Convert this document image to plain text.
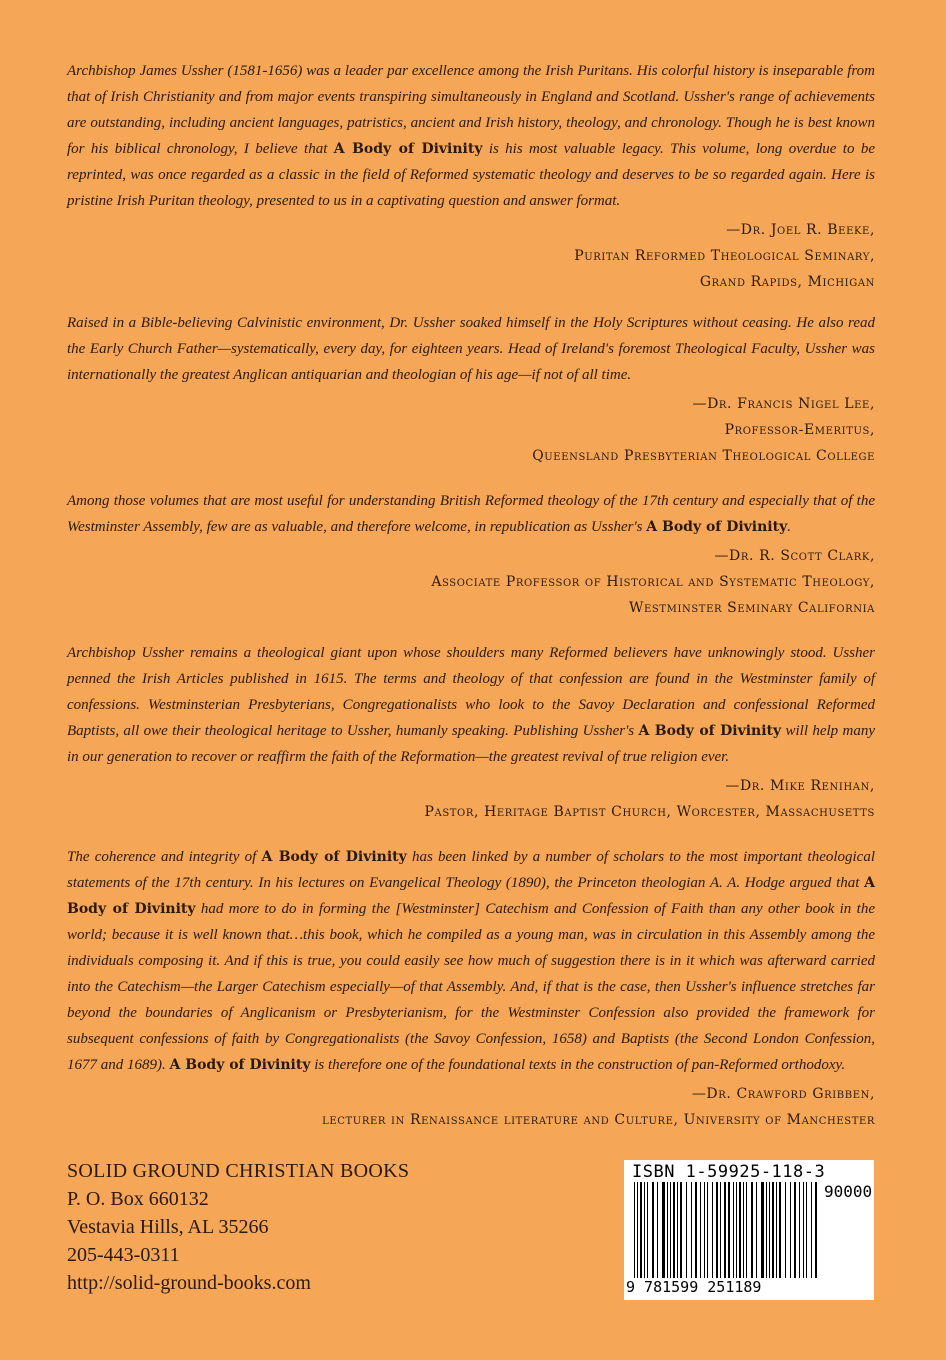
Archbishop James Ussher (1581-1656) was a leader par excellence among the Irish Puritans. His colorful history is inseparable from that of Irish Christianity and from major events transpiring simultaneously in England and Scotland. Ussher's range of achievements are outstanding, including ancient languages, patristics, ancient and Irish history, theology, and chronology. Though he is best known for his biblical chronology, I believe that A Body of Divinity is his most valuable legacy. This volume, long overdue to be reprinted, was once regarded as a classic in the field of Reformed systematic theology and deserves to be so regarded again. Here is pristine Irish Puritan theology, presented to us in a captivating question and answer format.

—Dr. Joel R. Beeke,
Puritan Reformed Theological Seminary,
Grand Rapids, Michigan

Raised in a Bible-believing Calvinistic environment, Dr. Ussher soaked himself in the Holy Scriptures without ceasing. He also read the Early Church Father—systematically, every day, for eighteen years. Head of Ireland's foremost Theological Faculty, Ussher was internationally the greatest Anglican antiquarian and theologian of his age—if not of all time.

—Dr. Francis Nigel Lee,
Professor-Emeritus,
Queensland Presbyterian Theological College

Among those volumes that are most useful for understanding British Reformed theology of the 17th century and especially that of the Westminster Assembly, few are as valuable, and therefore welcome, in republication as Ussher's A Body of Divinity.

—Dr. R. Scott Clark,
Associate Professor of Historical and Systematic Theology,
Westminster Seminary California

Archbishop Ussher remains a theological giant upon whose shoulders many Reformed believers have unknowingly stood. Ussher penned the Irish Articles published in 1615. The terms and theology of that confession are found in the Westminster family of confessions. Westminsterian Presbyterians, Congregationalists who look to the Savoy Declaration and confessional Reformed Baptists, all owe their theological heritage to Ussher, humanly speaking. Publishing Ussher's A Body of Divinity will help many in our generation to recover or reaffirm the faith of the Reformation—the greatest revival of true religion ever.

—Dr. Mike Renihan,
Pastor, Heritage Baptist Church, Worcester, Massachusetts

The coherence and integrity of A Body of Divinity has been linked by a number of scholars to the most important theological statements of the 17th century. In his lectures on Evangelical Theology (1890), the Princeton theologian A. A. Hodge argued that A Body of Divinity had more to do in forming the [Westminster] Catechism and Confession of Faith than any other book in the world; because it is well known that…this book, which he compiled as a young man, was in circulation in this Assembly among the individuals composing it. And if this is true, you could easily see how much of suggestion there is in it which was afterward carried into the Catechism—the Larger Catechism especially—of that Assembly. And, if that is the case, then Ussher's influence stretches far beyond the boundaries of Anglicanism or Presbyterianism, for the Westminster Confession also provided the framework for subsequent confessions of faith by Congregationalists (the Savoy Confession, 1658) and Baptists (the Second London Confession, 1677 and 1689). A Body of Divinity is therefore one of the foundational texts in the construction of pan-Reformed orthodoxy.

—Dr. Crawford Gribben,
lecturer in Renaissance literature and Culture, University of Manchester
SOLID GROUND CHRISTIAN BOOKS
P. O. Box 660132
Vestavia Hills, AL 35266
205-443-0311
http://solid-ground-books.com
ISBN 1-59925-118-3
90000
9 781599 251189
